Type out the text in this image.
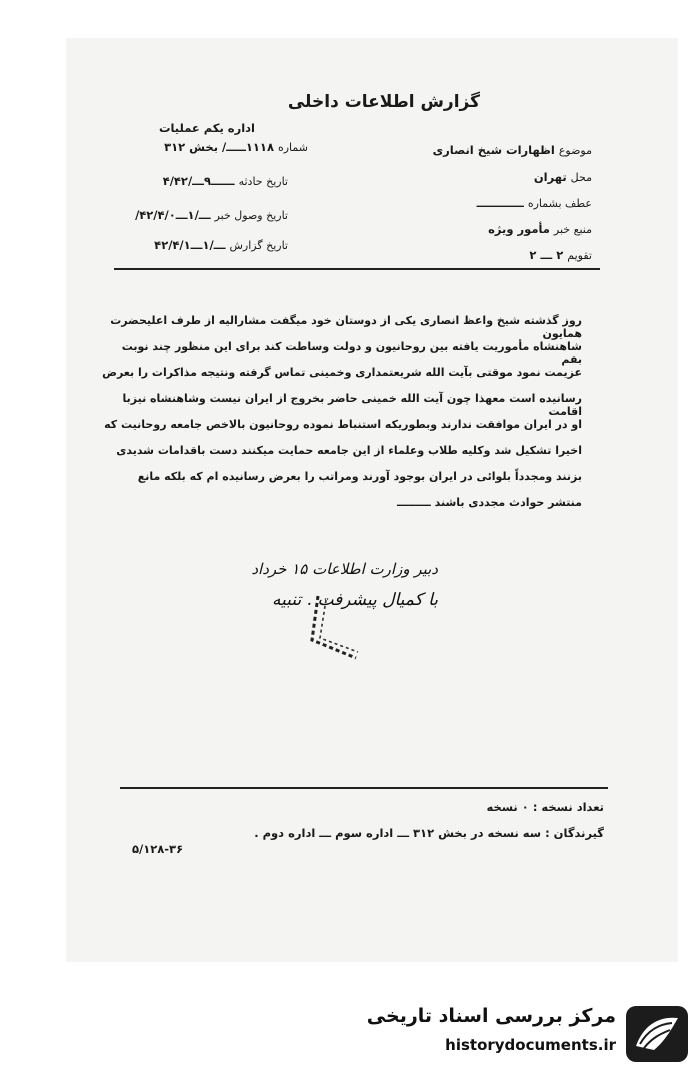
گزارش اطلاعات داخلی
اداره یکم عملیات
شماره ۱۱۱۸ـــــ/ بخش ۳۱۲
تاریخ حادثه ــــــ۹ـــ/۴/۴۲
تاریخ وصول خبر ـــ/۱ـــ۴۲/۴/۰/
تاریخ گزارش ـــ/۱ـــ۴۲/۴/۱
موضوع اظهارات شیخ انصاری
محل تهران
عطف بشماره ــــــــــــ
منبع خبر مأمور ویژه
تقویم ۲ ـــ ۲
روز گذشته شیخ واعظ انصاری یکی از دوستان خود میگفت مشارالیه از طرف اعلیحضرت همایون
شاهنشاه مأموریت یافته بین روحانیون و دولت وساطت کند برای این منظور چند نوبت بقم
عزیمت نمود موقتی بآیت الله شریعتمداری وخمینی تماس گرفته ونتیجه مذاکرات را بعرض
رسانیده است معهذا چون آیت الله خمینی حاضر بخروج از ایران نیست وشاهنشاه نیزبا اقامت
او در ایران موافقت ندارند وبطوریکه استنباط نموده روحانیون بالاخص جامعه روحانیت که
اخیرا تشکیل شد وکلیه طلاب وعلماء از این جامعه حمایت میکنند دست باقدامات شدیدی
بزنند ومجدداً بلوائی در ایران بوجود آورند ومراتب را بعرض رسانیده ام که بلکه مانع
منتشر حوادث مجددی باشند ـــــــــ
دبیر وزارت اطلاعات ۱۵ خرداد
با کمیال پیشرفت . تنبیه
تعداد نسخه : ۰ نسخه
گیرندگان : سه نسخه در بخش ۳۱۲ ـــ اداره سوم ـــ اداره دوم .
۵/۱۲۸-۳۶
مرکز بررسی اسناد تاریخی
historydocuments.ir
